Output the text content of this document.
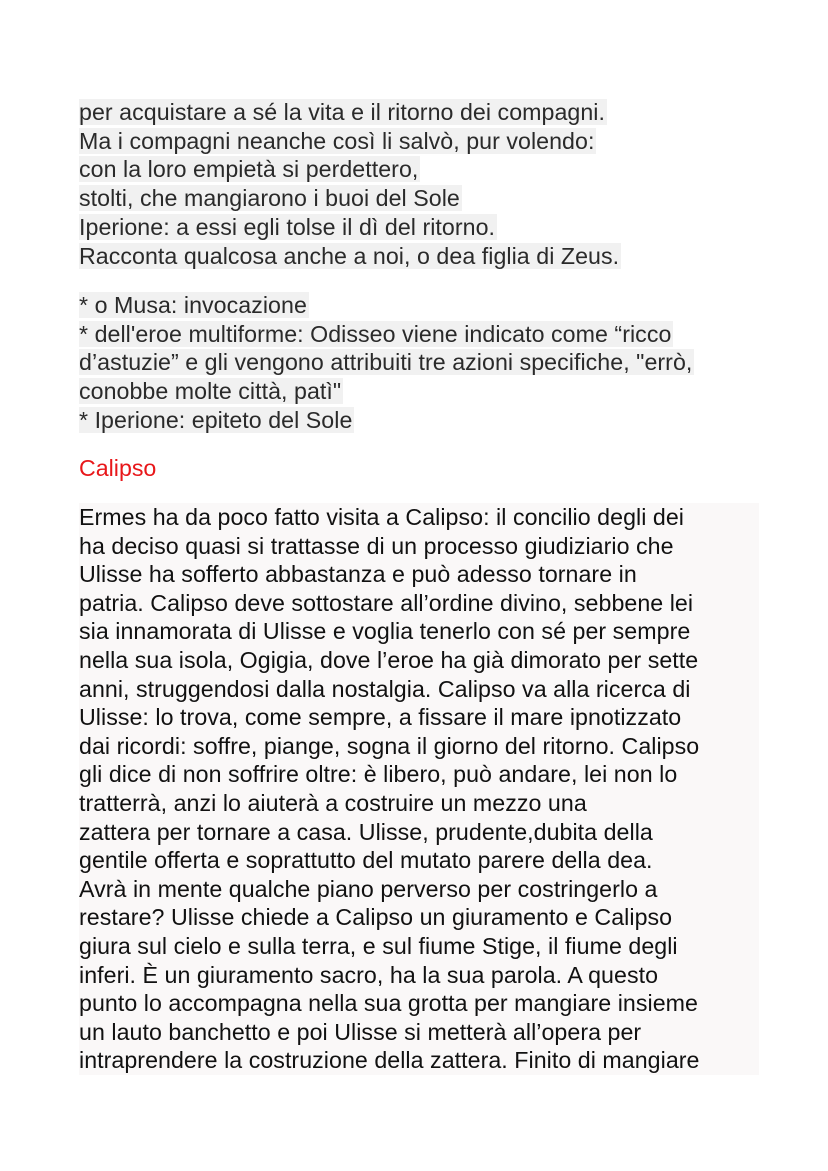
per acquistare a sé la vita e il ritorno dei compagni.
Ma i compagni neanche così li salvò, pur volendo:
con la loro empietà si perdettero,
stolti, che mangiarono i buoi del Sole
Iperione: a essi egli tolse il dì del ritorno.
Racconta qualcosa anche a noi, o dea figlia di Zeus.
* o Musa: invocazione
* dell'eroe multiforme: Odisseo viene indicato come “ricco
d’astuzie” e gli vengono attribuiti tre azioni specifiche, "errò,
conobbe molte città, patì"
* Iperione: epiteto del Sole
Calipso
Ermes ha da poco fatto visita a Calipso: il concilio degli dei
ha deciso quasi si trattasse di un processo giudiziario che
Ulisse ha sofferto abbastanza e può adesso tornare in
patria. Calipso deve sottostare all’ordine divino, sebbene lei
sia innamorata di Ulisse e voglia tenerlo con sé per sempre
nella sua isola, Ogigia, dove l’eroe ha già dimorato per sette
anni, struggendosi dalla nostalgia. Calipso va alla ricerca di
Ulisse: lo trova, come sempre, a fissare il mare ipnotizzato
dai ricordi: soffre, piange, sogna il giorno del ritorno. Calipso
gli dice di non soffrire oltre: è libero, può andare, lei non lo
tratterrà, anzi lo aiuterà a costruire un mezzo una
zattera per tornare a casa. Ulisse, prudente,dubita della
gentile offerta e soprattutto del mutato parere della dea.
Avrà in mente qualche piano perverso per costringerlo a
restare? Ulisse chiede a Calipso un giuramento e Calipso
giura sul cielo e sulla terra, e sul fiume Stige, il fiume degli
inferi. È un giuramento sacro, ha la sua parola. A questo
punto lo accompagna nella sua grotta per mangiare insieme
un lauto banchetto e poi Ulisse si metterà all’opera per
intraprendere la costruzione della zattera. Finito di mangiare
